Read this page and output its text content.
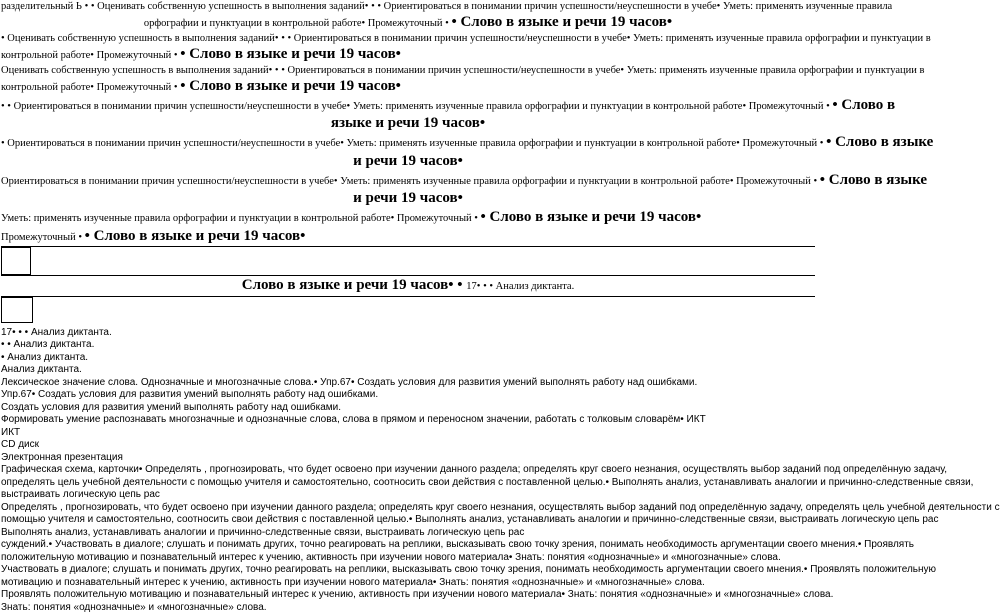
разделительный Ь • • Оценивать собственную успешность в выполнения заданий• • • Ориентироваться в понимании причин успешности/неуспешности в учебе• Уметь: применять изученные правила
орфографии и пунктуации в контрольной работе• Промежуточный • • Слово в языке и речи 19 часов•
• Оценивать собственную успешность в выполнения заданий• • • Ориентироваться в понимании причин успешности/неуспешности в учебе• Уметь: применять изученные правила орфографии и пунктуации в
контрольной работе• Промежуточный • • Слово в языке и речи 19 часов•
Оценивать собственную успешность в выполнения заданий• • • Ориентироваться в понимании причин успешности/неуспешности в учебе• Уметь: применять изученные правила орфографии и пунктуации в
контрольной работе• Промежуточный • • Слово в языке и речи 19 часов•
• • Ориентироваться в понимании причин успешности/неуспешности в учебе• Уметь: применять изученные правила орфографии и пунктуации в контрольной работе• Промежуточный • • Слово в
языке и речи 19 часов•
• Ориентироваться в понимании причин успешности/неуспешности в учебе• Уметь: применять изученные правила орфографии и пунктуации в контрольной работе• Промежуточный • • Слово в языке
и речи 19 часов•
Ориентироваться в понимании причин успешности/неуспешности в учебе• Уметь: применять изученные правила орфографии и пунктуации в контрольной работе• Промежуточный • • Слово в языке
и речи 19 часов•
Уметь: применять изученные правила орфографии и пунктуации в контрольной работе• Промежуточный • • Слово в языке и речи 19 часов•
Промежуточный • • Слово в языке и речи 19 часов•
Слово в языке и речи 19 часов• • 17• • • Анализ диктанта.
17• • • Анализ диктанта.
• • Анализ диктанта.
• Анализ диктанта.
Анализ диктанта.
Лексическое значение слова. Однозначные и многозначные слова.• Упр.67• Создать условия для развития умений выполнять работу над ошибками.
Упр.67• Создать условия для развития умений выполнять работу над ошибками.
Создать условия для развития умений выполнять работу над ошибками.
Формировать умение распознавать многозначные и однозначные слова, слова в прямом и переносном значении, работать с толковым словарём• ИКТ
ИКТ
CD диск
Электронная презентация
Графическая схема, карточки• Определять , прогнозировать, что будет освоено при изучении данного раздела; определять круг своего незнания, осуществлять выбор заданий под определённую задачу,
определять цель учебной деятельности с помощью учителя и самостоятельно, соотносить свои действия с поставленной целью.• Выполнять анализ, устанавливать аналогии и причинно-следственные связи,
выстраивать логическую цепь рас
Определять , прогнозировать, что будет освоено при изучении данного раздела; определять круг своего незнания, осуществлять выбор заданий под определённую задачу, определять цель учебной деятельности с
помощью учителя и самостоятельно, соотносить свои действия с поставленной целью.• Выполнять анализ, устанавливать аналогии и причинно-следственные связи, выстраивать логическую цепь рас
Выполнять анализ, устанавливать аналогии и причинно-следственные связи, выстраивать логическую цепь рас
суждений.• Участвовать в диалоге; слушать и понимать других, точно реагировать на реплики, высказывать свою точку зрения, понимать необходимость аргументации своего мнения.• Проявлять
положительную мотивацию и познавательный интерес к учению, активность при изучении нового материала• Знать: понятия «однозначные» и «многозначные» слова.
Участвовать в диалоге; слушать и понимать других, точно реагировать на реплики, высказывать свою точку зрения, понимать необходимость аргументации своего мнения.• Проявлять положительную
мотивацию и познавательный интерес к учению, активность при изучении нового материала• Знать: понятия «однозначные» и «многозначные» слова.
Проявлять положительную мотивацию и познавательный интерес к учению, активность при изучении нового материала• Знать: понятия «однозначные» и «многозначные» слова.
Знать: понятия «однозначные» и «многозначные» слова.
